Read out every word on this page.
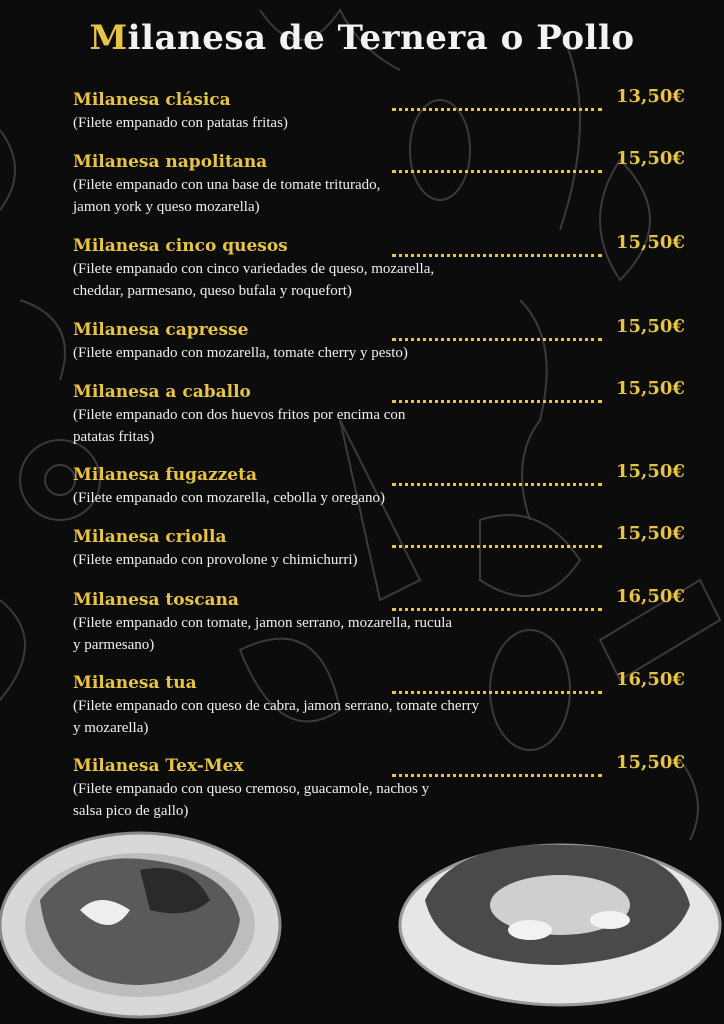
Milanesa de Ternera o Pollo
Milanesa clásica	13,50€
(Filete empanado con patatas fritas)
Milanesa napolitana	15,50€
(Filete empanado con una base de tomate triturado,
jamon york y queso mozarella)
Milanesa cinco quesos	15,50€
(Filete empanado con cinco variedades de queso, mozarella,
cheddar, parmesano, queso bufala y roquefort)
Milanesa capresse	15,50€
(Filete empanado con mozarella, tomate cherry y pesto)
Milanesa a caballo	15,50€
(Filete empanado con dos huevos fritos por encima con
patatas fritas)
Milanesa fugazzeta	15,50€
(Filete empanado con mozarella, cebolla y oregano)
Milanesa criolla	15,50€
(Filete empanado con provolone y chimichurri)
Milanesa toscana	16,50€
(Filete empanado con tomate, jamon serrano, mozarella, rucula
y parmesano)
Milanesa tua	16,50€
(Filete empanado con queso de cabra, jamon serrano, tomate cherry
y mozarella)
Milanesa Tex-Mex	15,50€
(Filete empanado con queso cremoso, guacamole, nachos y
salsa pico de gallo)
